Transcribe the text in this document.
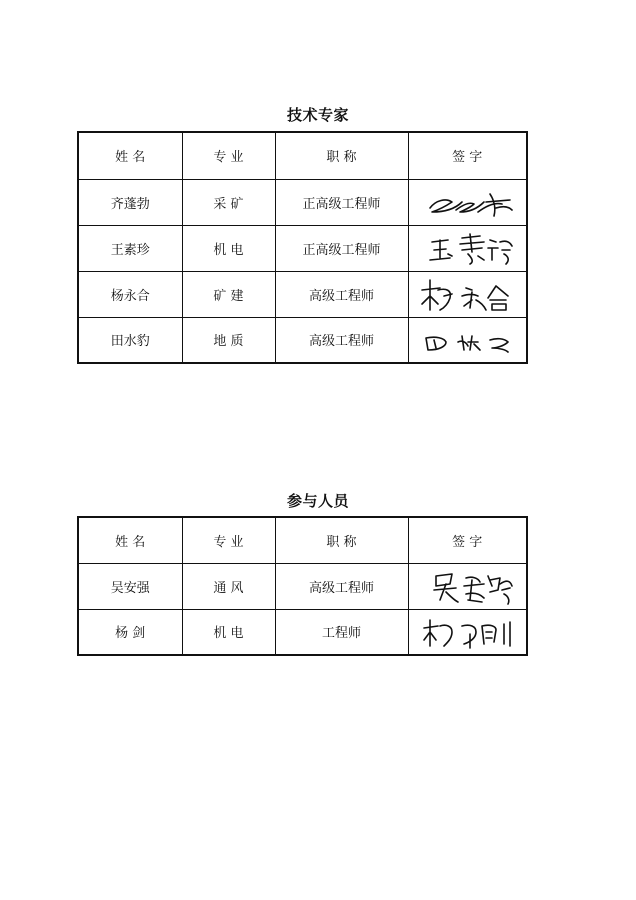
技术专家
姓 名	专 业	职 称	签 字
齐蓬勃	采 矿	正高级工程师	

王素珍	机 电	正高级工程师	

杨永合	矿 建	高级工程师	

田水豹	地 质	高级工程师	
参与人员
姓 名	专 业	职 称	签 字
吴安强	通 风	高级工程师	

杨 剑	机 电	工程师	
